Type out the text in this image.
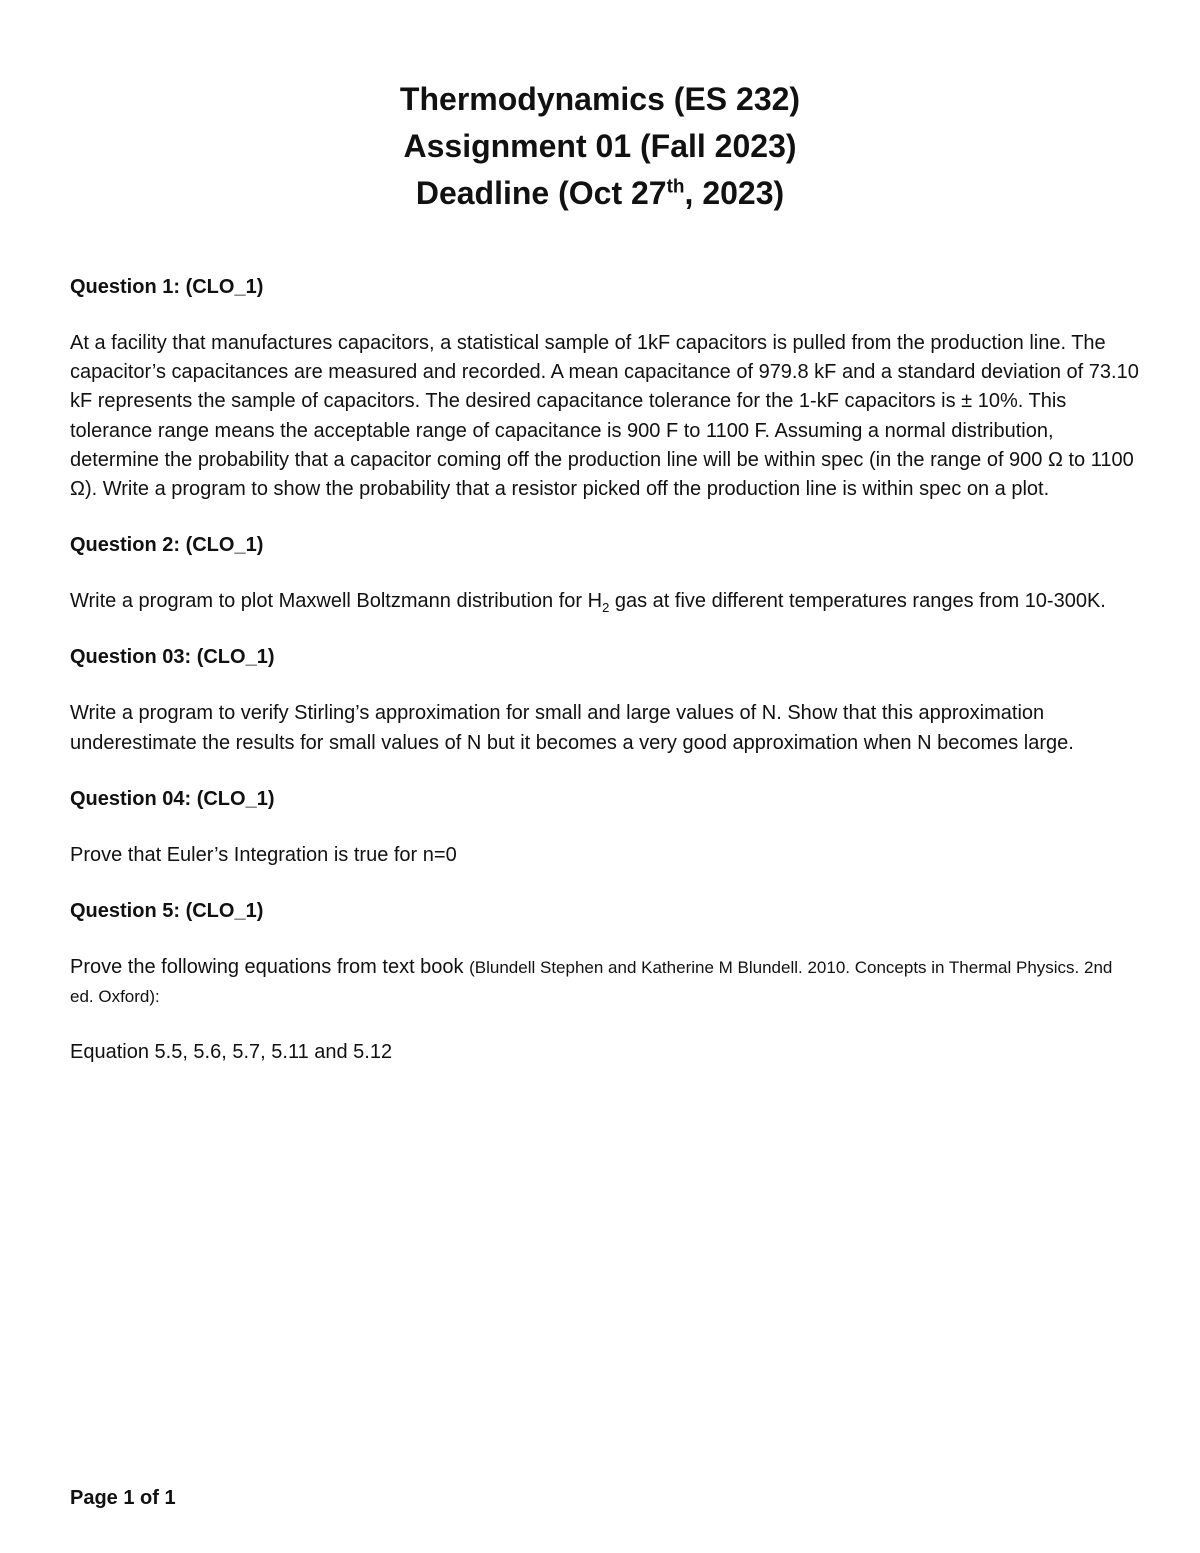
Thermodynamics (ES 232)

Assignment 01 (Fall 2023)

Deadline (Oct 27th, 2023)

Question 1: (CLO_1)

At a facility that manufactures capacitors, a statistical sample of 1kF capacitors is pulled from the production line. The capacitor’s capacitances are measured and recorded. A mean capacitance of 979.8 kF and a standard deviation of 73.10 kF represents the sample of capacitors. The desired capacitance tolerance for the 1-kF capacitors is ± 10%. This tolerance range means the acceptable range of capacitance is 900 F to 1100 F. Assuming a normal distribution, determine the probability that a capacitor coming off the production line will be within spec (in the range of 900 Ω to 1100 Ω). Write a program to show the probability that a resistor picked off the production line is within spec on a plot.

Question 2: (CLO_1)

Write a program to plot Maxwell Boltzmann distribution for $H_2$ gas at five different temperatures ranges from 10-300K.

Question 03: (CLO_1)

Write a program to verify Stirling’s approximation for small and large values of N. Show that this approximation underestimate the results for small values of N but it becomes a very good approximation when N becomes large.

Question 04: (CLO_1)

Prove that Euler’s Integration is true for n=0

Question 5: (CLO_1)

Prove the following equations from text book (Blundell Stephen and Katherine M Blundell. 2010. Concepts in Thermal Physics. 2nd ed. Oxford):

Equation 5.5, 5.6, 5.7, 5.11 and 5.12

Page 1 of 1
